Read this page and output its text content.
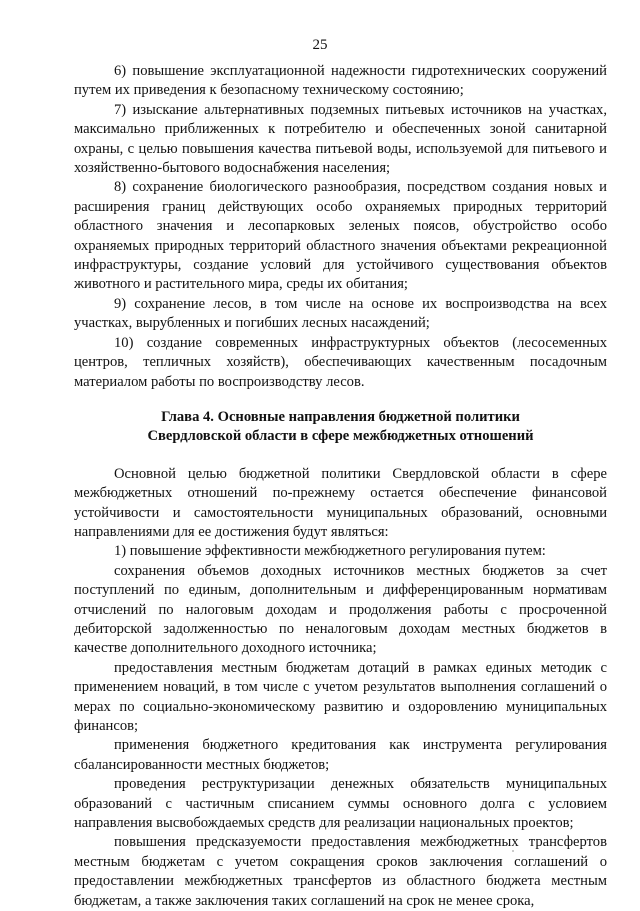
25

6) повышение эксплуатационной надежности гидротехнических сооружений путем их приведения к безопасному техническому состоянию;

7) изыскание альтернативных подземных питьевых источников на участках, максимально приближенных к потребителю и обеспеченных зоной санитарной охраны, с целью повышения качества питьевой воды, используемой для питьевого и хозяйственно-бытового водоснабжения населения;

8) сохранение биологического разнообразия, посредством создания новых и расширения границ действующих особо охраняемых природных территорий областного значения и лесопарковых зеленых поясов, обустройство особо охраняемых природных территорий областного значения объектами рекреационной инфраструктуры, создание условий для устойчивого существования объектов животного и растительного мира, среды их обитания;

9) сохранение лесов, в том числе на основе их воспроизводства на всех участках, вырубленных и погибших лесных насаждений;

10) создание современных инфраструктурных объектов (лесосеменных центров, тепличных хозяйств), обеспечивающих качественным посадочным материалом работы по воспроизводству лесов.

Глава 4. Основные направления бюджетной политики
Свердловской области в сфере межбюджетных отношений

Основной целью бюджетной политики Свердловской области в сфере межбюджетных отношений по-прежнему остается обеспечение финансовой устойчивости и самостоятельности муниципальных образований, основными направлениями для ее достижения будут являться:

1) повышение эффективности межбюджетного регулирования путем:

сохранения объемов доходных источников местных бюджетов за счет поступлений по единым, дополнительным и дифференцированным нормативам отчислений по налоговым доходам и продолжения работы с просроченной дебиторской задолженностью по неналоговым доходам местных бюджетов в качестве дополнительного доходного источника;

предоставления местным бюджетам дотаций в рамках единых методик с применением новаций, в том числе с учетом результатов выполнения соглашений о мерах по социально-экономическому развитию и оздоровлению муниципальных финансов;

применения бюджетного кредитования как инструмента регулирования сбалансированности местных бюджетов;

проведения реструктуризации денежных обязательств муниципальных образований с частичным списанием суммы основного долга с условием направления высвобождаемых средств для реализации национальных проектов;

повышения предсказуемости предоставления межбюджетных трансфертов местным бюджетам с учетом сокращения сроков заключения соглашений о предоставлении межбюджетных трансфертов из областного бюджета местным бюджетам, а также заключения таких соглашений на срок не менее срока,
